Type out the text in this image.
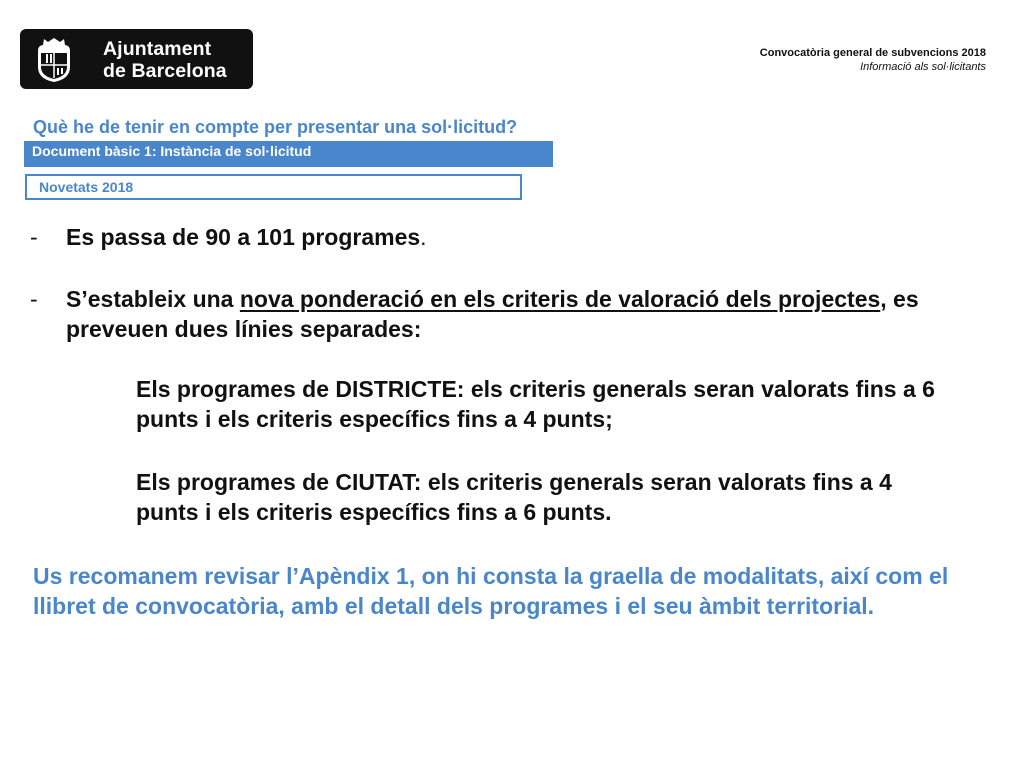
Ajuntament
de Barcelona
Convocatòria general de subvencions 2018
Informació als sol·licitants
Què he de tenir en compte per presentar una sol·licitud?
Document bàsic 1: Instància de sol·licitud
Novetats 2018
- Es passa de 90 a 101 programes.
- S’estableix una nova ponderació en els criteris de valoració dels projectes, es preveuen dues línies separades:
Els programes de DISTRICTE: els criteris generals seran valorats fins a 6 punts i els criteris específics fins a 4 punts;
Els programes de CIUTAT: els criteris generals seran valorats fins a 4 punts i els criteris específics fins a 6 punts.
Us recomanem revisar l’Apèndix 1, on hi consta la graella de modalitats, així com el llibret de convocatòria, amb el detall dels programes i el seu àmbit territorial.
